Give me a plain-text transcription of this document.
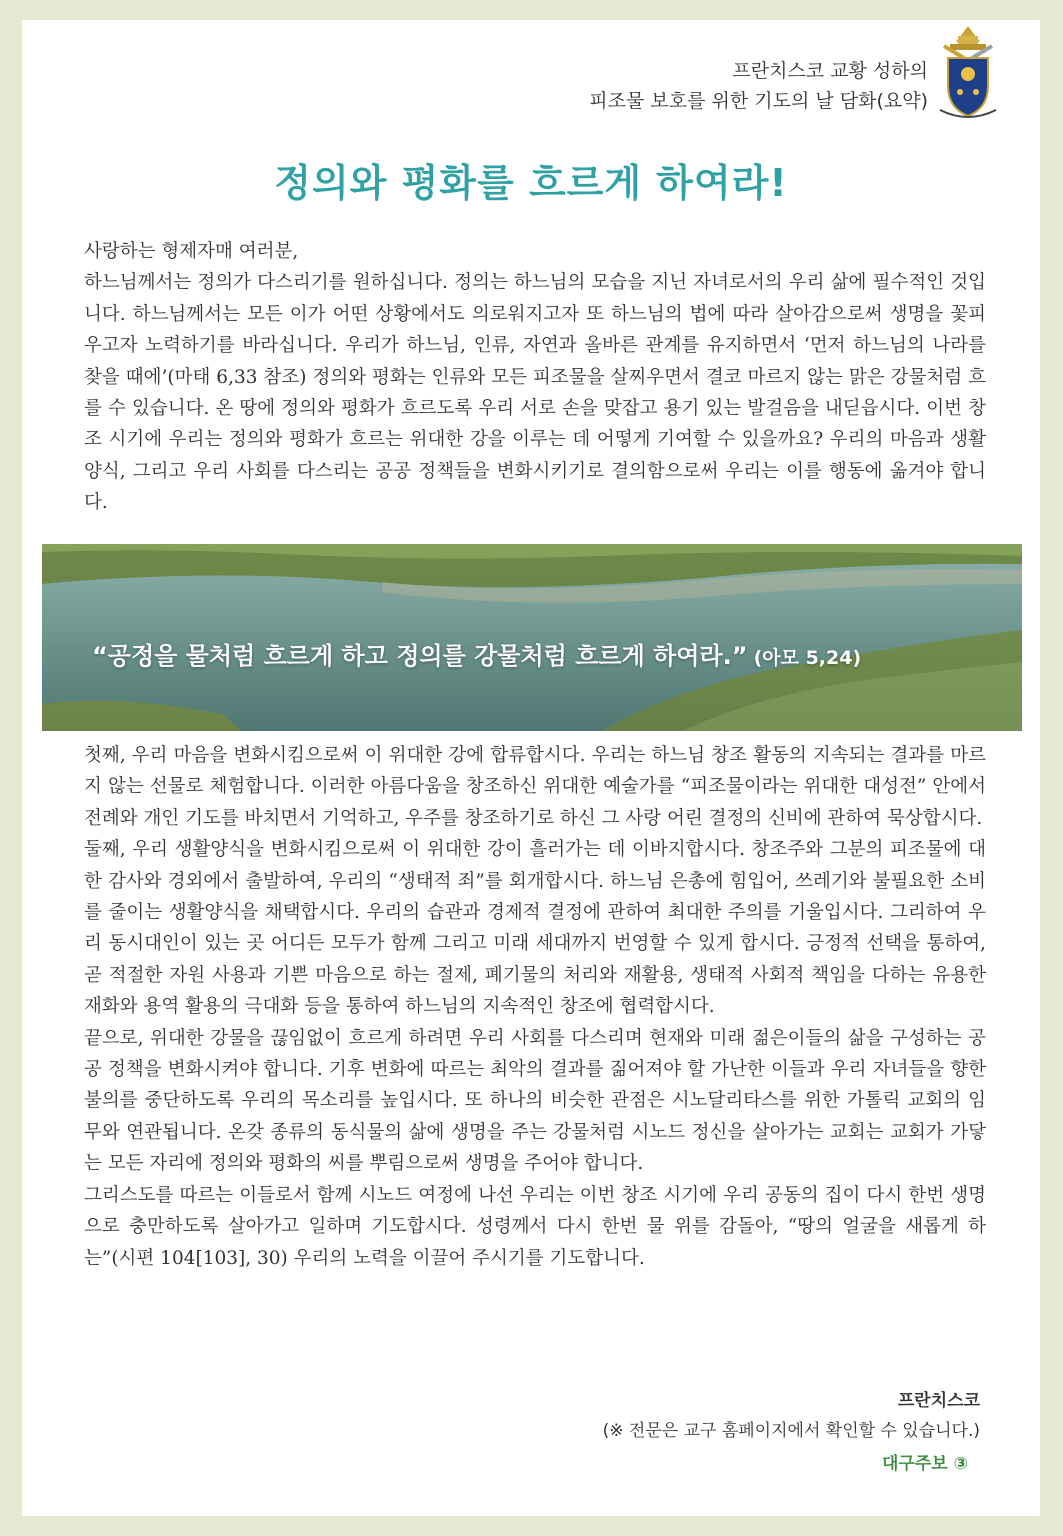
프란치스코 교황 성하의
피조물 보호를 위한 기도의 날 담화(요약)
정의와 평화를 흐르게 하여라!

사랑하는 형제자매 여러분,

하느님께서는 정의가 다스리기를 원하십니다. 정의는 하느님의 모습을 지닌 자녀로서의 우리 삶에 필수적인 것입니다. 하느님께서는 모든 이가 어떤 상황에서도 의로워지고자 또 하느님의 법에 따라 살아감으로써 생명을 꽃피우고자 노력하기를 바라십니다. 우리가 하느님, 인류, 자연과 올바른 관계를 유지하면서 ‘먼저 하느님의 나라를 찾을 때에’(마태 6,33 참조) 정의와 평화는 인류와 모든 피조물을 살찌우면서 결코 마르지 않는 맑은 강물처럼 흐를 수 있습니다. 온 땅에 정의와 평화가 흐르도록 우리 서로 손을 맞잡고 용기 있는 발걸음을 내딛읍시다. 이번 창조 시기에 우리는 정의와 평화가 흐르는 위대한 강을 이루는 데 어떻게 기여할 수 있을까요? 우리의 마음과 생활양식, 그리고 우리 사회를 다스리는 공공 정책들을 변화시키기로 결의함으로써 우리는 이를 행동에 옮겨야 합니다.

“공정을 물처럼 흐르게 하고 정의를 강물처럼 흐르게 하여라.” (아모 5,24)

첫째, 우리 마음을 변화시킴으로써 이 위대한 강에 합류합시다. 우리는 하느님 창조 활동의 지속되는 결과를 마르지 않는 선물로 체험합니다. 이러한 아름다움을 창조하신 위대한 예술가를 “피조물이라는 위대한 대성전” 안에서 전례와 개인 기도를 바치면서 기억하고, 우주를 창조하기로 하신 그 사랑 어린 결정의 신비에 관하여 묵상합시다.

둘째, 우리 생활양식을 변화시킴으로써 이 위대한 강이 흘러가는 데 이바지합시다. 창조주와 그분의 피조물에 대한 감사와 경외에서 출발하여, 우리의 “생태적 죄”를 회개합시다. 하느님 은총에 힘입어, 쓰레기와 불필요한 소비를 줄이는 생활양식을 채택합시다. 우리의 습관과 경제적 결정에 관하여 최대한 주의를 기울입시다. 그리하여 우리 동시대인이 있는 곳 어디든 모두가 함께 그리고 미래 세대까지 번영할 수 있게 합시다. 긍정적 선택을 통하여, 곧 적절한 자원 사용과 기쁜 마음으로 하는 절제, 폐기물의 처리와 재활용, 생태적 사회적 책임을 다하는 유용한 재화와 용역 활용의 극대화 등을 통하여 하느님의 지속적인 창조에 협력합시다.

끝으로, 위대한 강물을 끊임없이 흐르게 하려면 우리 사회를 다스리며 현재와 미래 젊은이들의 삶을 구성하는 공공 정책을 변화시켜야 합니다. 기후 변화에 따르는 최악의 결과를 짊어져야 할 가난한 이들과 우리 자녀들을 향한 불의를 중단하도록 우리의 목소리를 높입시다. 또 하나의 비슷한 관점은 시노달리타스를 위한 가톨릭 교회의 임무와 연관됩니다. 온갖 종류의 동식물의 삶에 생명을 주는 강물처럼 시노드 정신을 살아가는 교회는 교회가 가닿는 모든 자리에 정의와 평화의 씨를 뿌림으로써 생명을 주어야 합니다.

그리스도를 따르는 이들로서 함께 시노드 여정에 나선 우리는 이번 창조 시기에 우리 공동의 집이 다시 한번 생명으로 충만하도록 살아가고 일하며 기도합시다. 성령께서 다시 한번 물 위를 감돌아, “땅의 얼굴을 새롭게 하는”(시편 104[103], 30) 우리의 노력을 이끌어 주시기를 기도합니다.

프란치스코
(※ 전문은 교구 홈페이지에서 확인할 수 있습니다.)
대구주보 ③
